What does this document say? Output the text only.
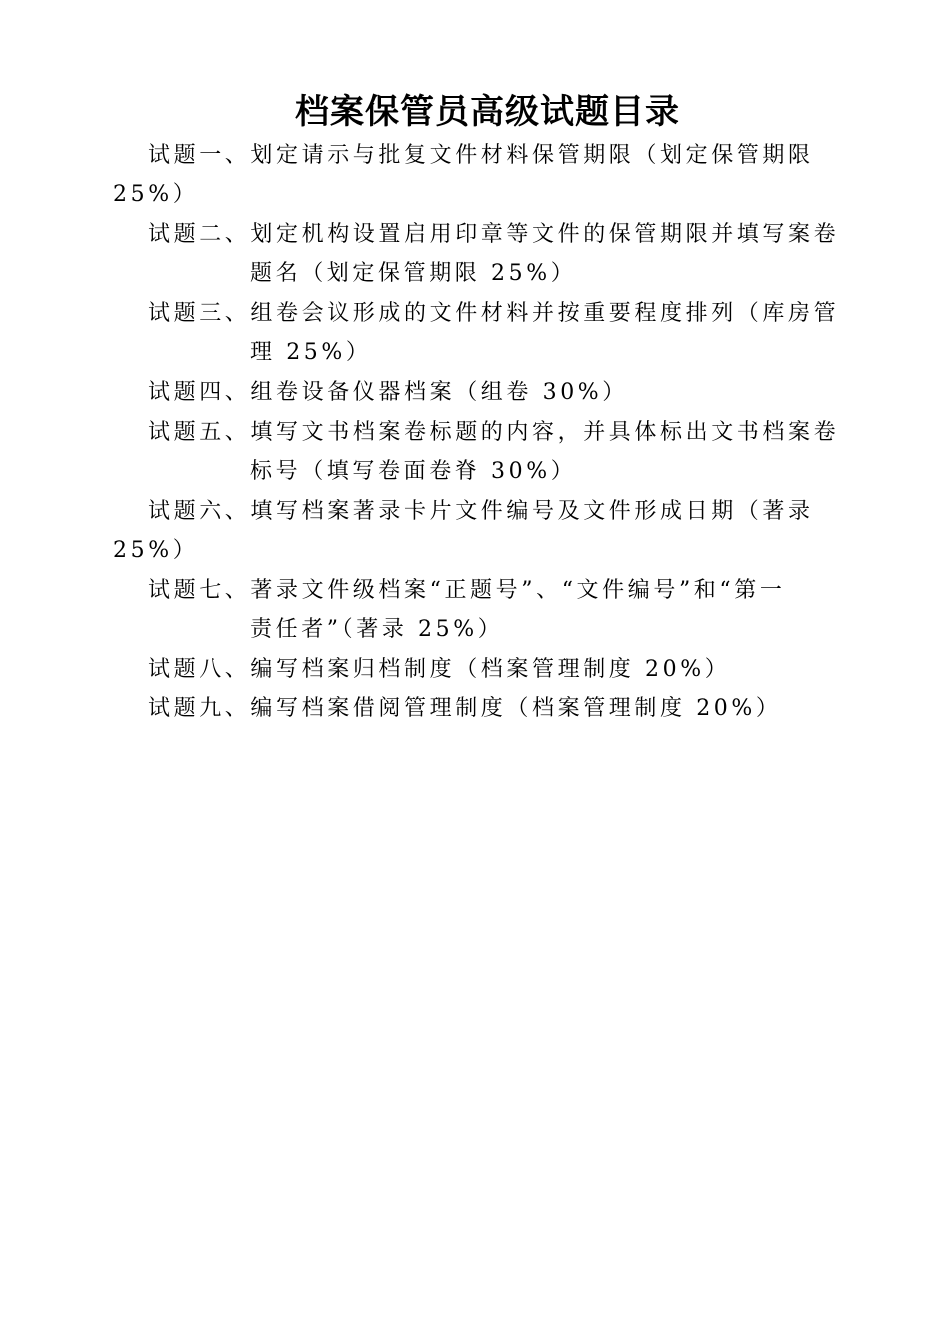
档案保管员高级试题目录
试题一、划定请示与批复文件材料保管期限（划定保管期限
25%）
试题二、划定机构设置启用印章等文件的保管期限并填写案卷
题名（划定保管期限 25%）
试题三、组卷会议形成的文件材料并按重要程度排列（库房管
理 25%）
试题四、组卷设备仪器档案（组卷 30%）
试题五、填写文书档案卷标题的内容，并具体标出文书档案卷
标号（填写卷面卷脊 30%）
试题六、填写档案著录卡片文件编号及文件形成日期（著录
25%）
试题七、著录文件级档案“正题号”、“文件编号”和“第一
责任者”（著录 25%）
试题八、编写档案归档制度（档案管理制度 20%）
试题九、编写档案借阅管理制度（档案管理制度 20%）
